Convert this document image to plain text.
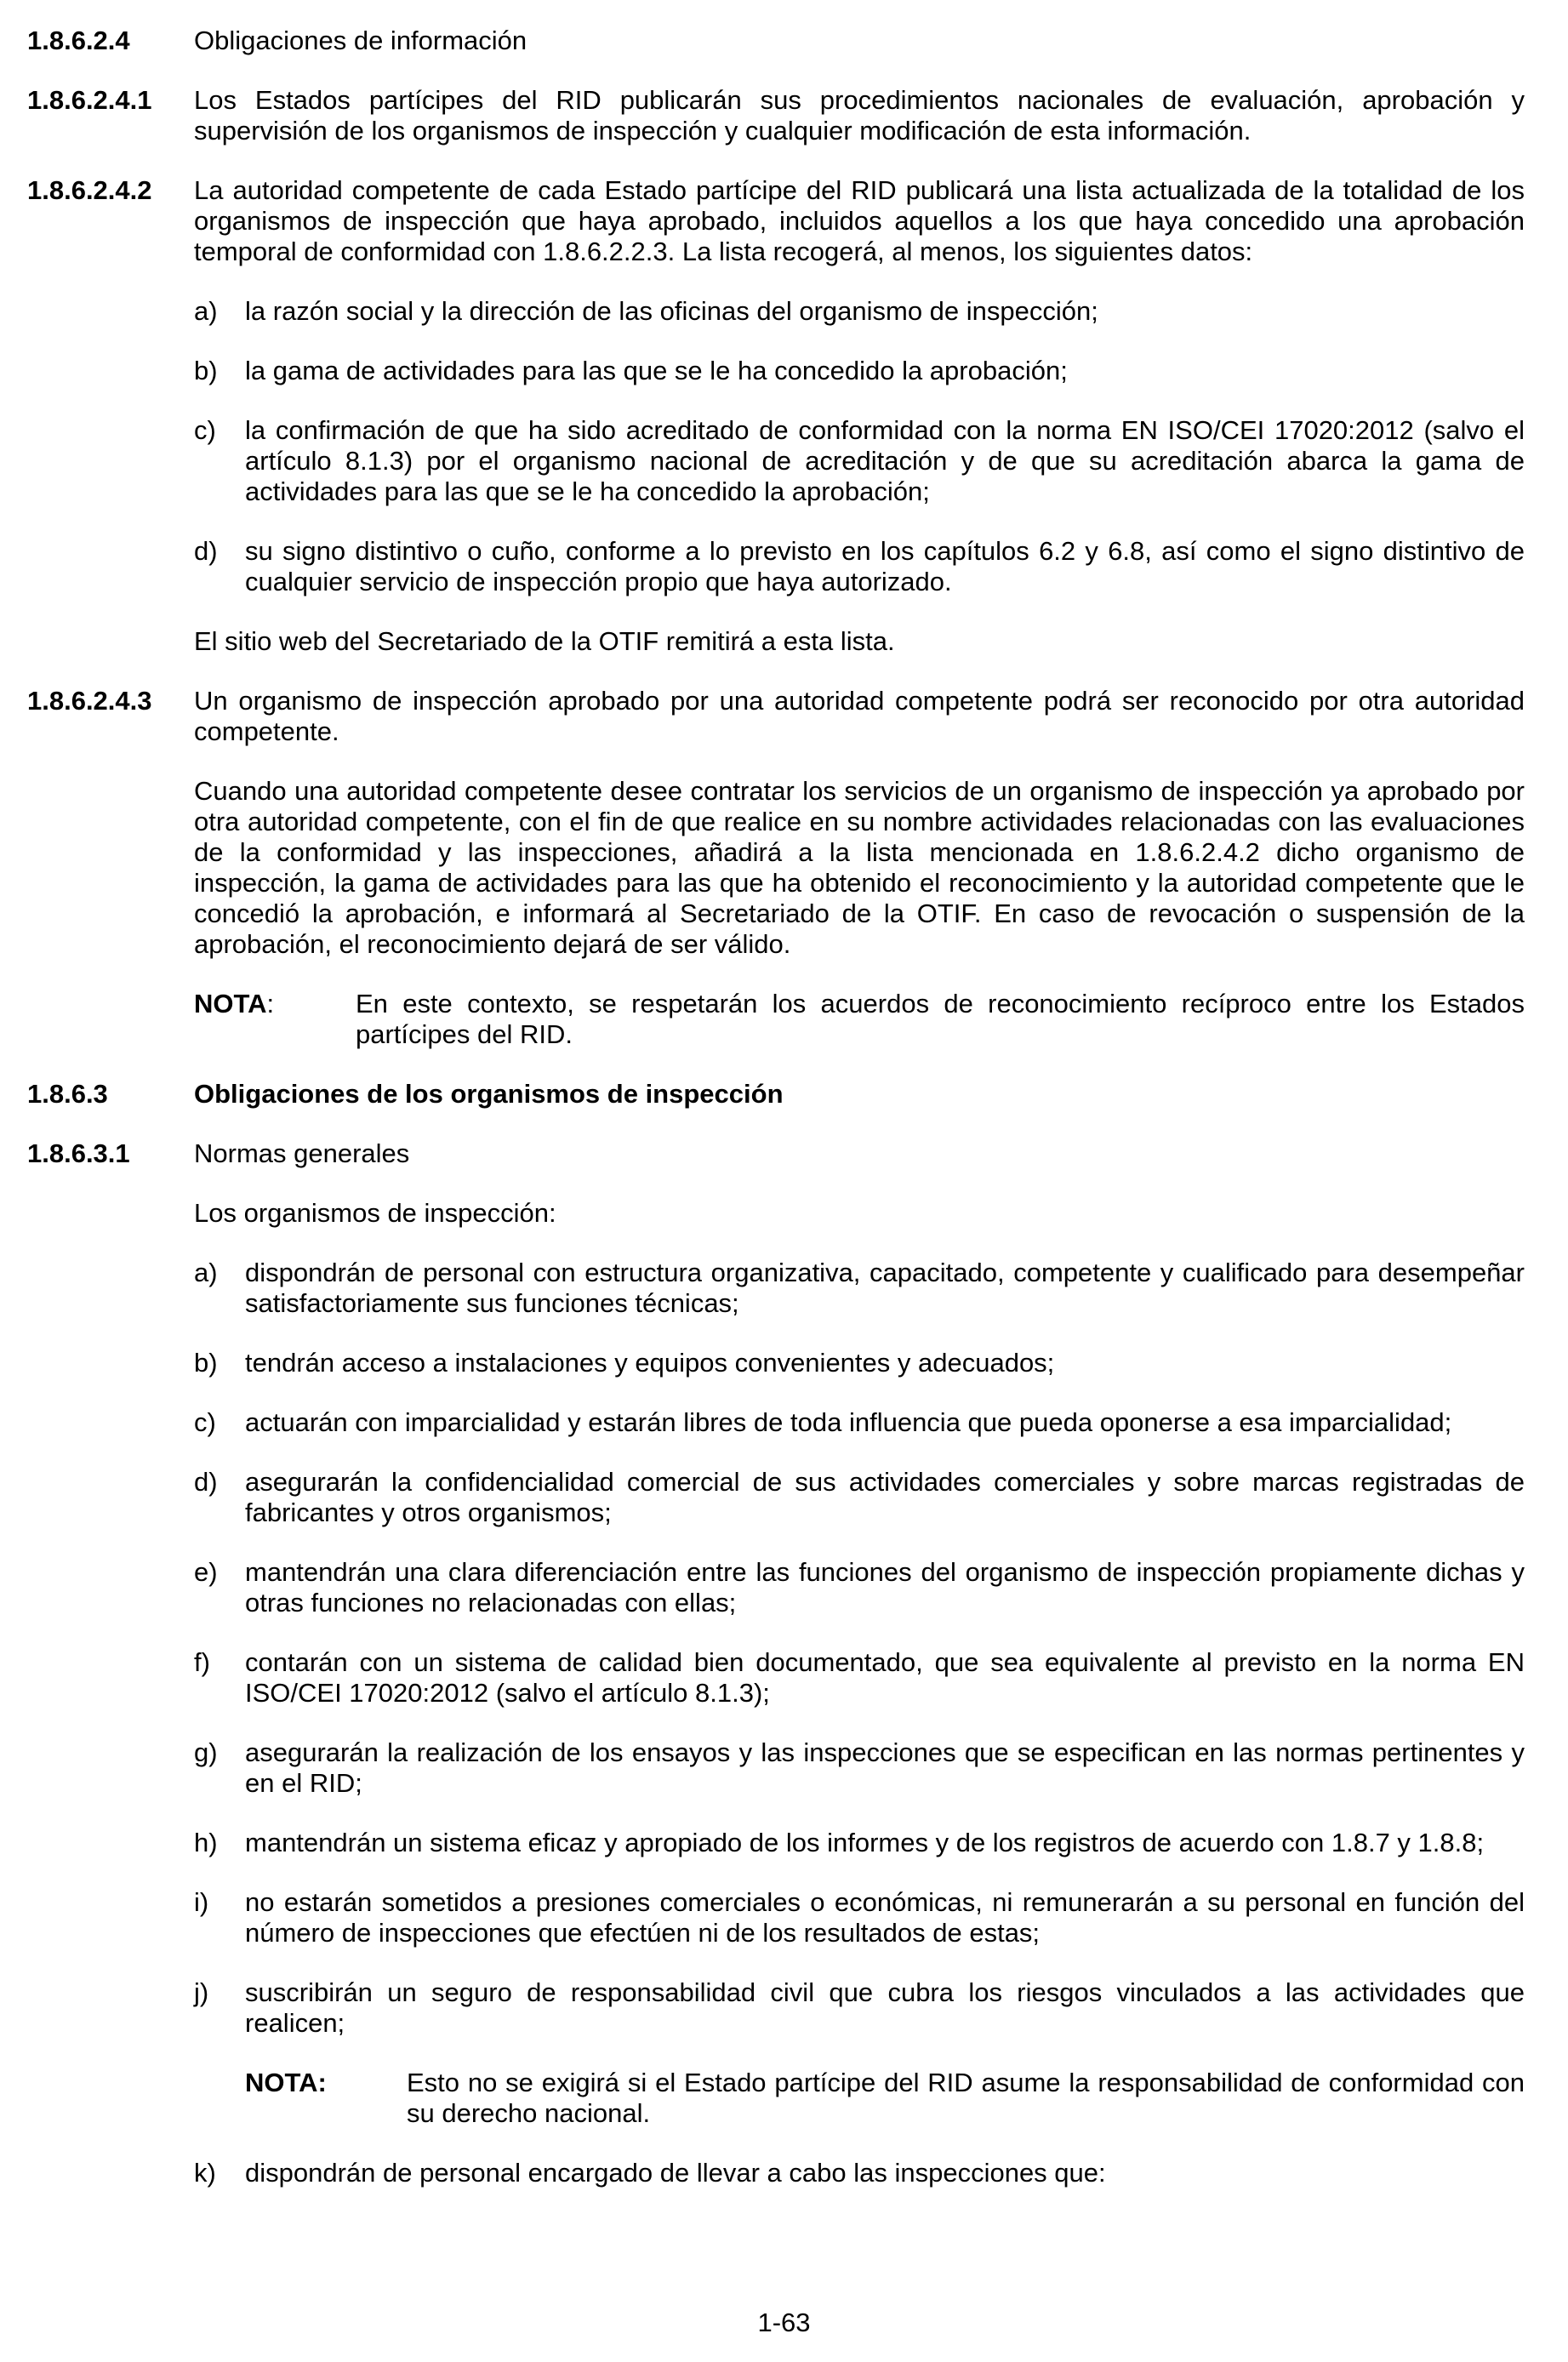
1.8.6.2.4 Obligaciones de información
1.8.6.2.4.1 Los Estados partícipes del RID publicarán sus procedimientos nacionales de evaluación, aprobación y supervisión de los organismos de inspección y cualquier modificación de esta información.
1.8.6.2.4.2 La autoridad competente de cada Estado partícipe del RID publicará una lista actualizada de la totalidad de los organismos de inspección que haya aprobado, incluidos aquellos a los que haya concedido una aprobación temporal de conformidad con 1.8.6.2.2.3. La lista recogerá, al menos, los siguientes datos:
a) la razón social y la dirección de las oficinas del organismo de inspección;
b) la gama de actividades para las que se le ha concedido la aprobación;
c) la confirmación de que ha sido acreditado de conformidad con la norma EN ISO/CEI 17020:2012 (salvo el artículo 8.1.3) por el organismo nacional de acreditación y de que su acreditación abarca la gama de actividades para las que se le ha concedido la aprobación;
d) su signo distintivo o cuño, conforme a lo previsto en los capítulos 6.2 y 6.8, así como el signo distintivo de cualquier servicio de inspección propio que haya autorizado.
El sitio web del Secretariado de la OTIF remitirá a esta lista.
1.8.6.2.4.3 Un organismo de inspección aprobado por una autoridad competente podrá ser reconocido por otra autoridad competente.
Cuando una autoridad competente desee contratar los servicios de un organismo de inspección ya aprobado por otra autoridad competente, con el fin de que realice en su nombre actividades relacionadas con las evaluaciones de la conformidad y las inspecciones, añadirá a la lista mencionada en 1.8.6.2.4.2 dicho organismo de inspección, la gama de actividades para las que ha obtenido el reconocimiento y la autoridad competente que le concedió la aprobación, e informará al Secretariado de la OTIF. En caso de revocación o suspensión de la aprobación, el reconocimiento dejará de ser válido.
NOTA:	En este contexto, se respetarán los acuerdos de reconocimiento recíproco entre los Estados partícipes del RID.
1.8.6.3	Obligaciones de los organismos de inspección
1.8.6.3.1 Normas generales
Los organismos de inspección:
a) dispondrán de personal con estructura organizativa, capacitado, competente y cualificado para desempeñar satisfactoriamente sus funciones técnicas;
b) tendrán acceso a instalaciones y equipos convenientes y adecuados;
c) actuarán con imparcialidad y estarán libres de toda influencia que pueda oponerse a esa imparcialidad;
d) asegurarán la confidencialidad comercial de sus actividades comerciales y sobre marcas registradas de fabricantes y otros organismos;
e) mantendrán una clara diferenciación entre las funciones del organismo de inspección propiamente dichas y otras funciones no relacionadas con ellas;
f) contarán con un sistema de calidad bien documentado, que sea equivalente al previsto en la norma EN ISO/CEI 17020:2012 (salvo el artículo 8.1.3);
g) asegurarán la realización de los ensayos y las inspecciones que se especifican en las normas pertinentes y en el RID;
h) mantendrán un sistema eficaz y apropiado de los informes y de los registros de acuerdo con 1.8.7 y 1.8.8;
i) no estarán sometidos a presiones comerciales o económicas, ni remunerarán a su personal en función del número de inspecciones que efectúen ni de los resultados de estas;
j) suscribirán un seguro de responsabilidad civil que cubra los riesgos vinculados a las actividades que realicen;
NOTA:	Esto no se exigirá si el Estado partícipe del RID asume la responsabilidad de conformidad con su derecho nacional.
k) dispondrán de personal encargado de llevar a cabo las inspecciones que:
1-63
